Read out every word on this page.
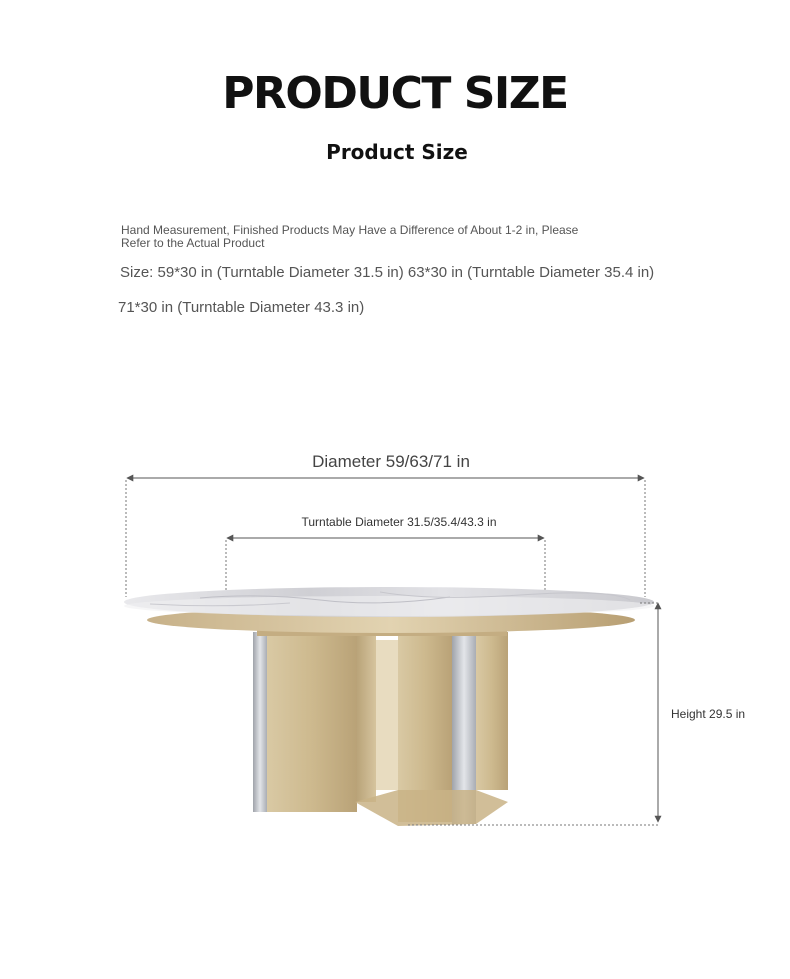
PRODUCT SIZE
Product Size

Hand Measurement, Finished Products May Have a Difference of About 1-2 in, Please Refer to the Actual Product

Size: 59*30 in (Turntable Diameter 31.5 in) 63*30 in (Turntable Diameter 35.4 in)

71*30 in (Turntable Diameter 43.3 in)

Diameter 59/63/71 in
Turntable Diameter 31.5/35.4/43.3 in
Height 29.5 in
